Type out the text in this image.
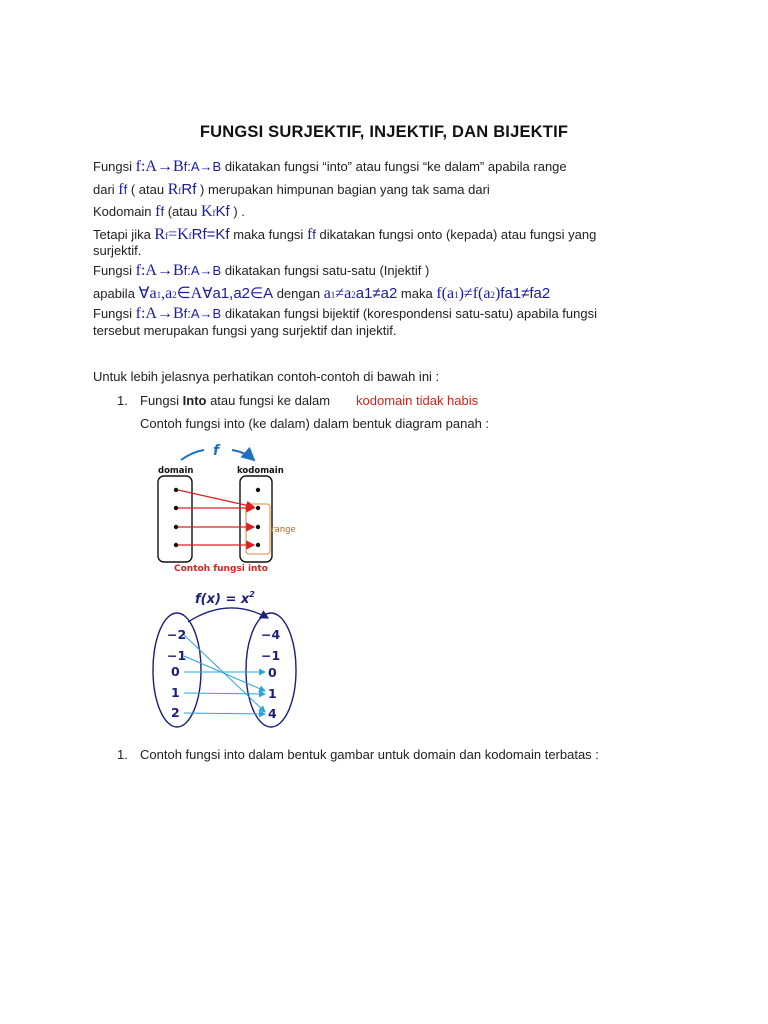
FUNGSI SURJEKTIF, INJEKTIF, DAN BIJEKTIF
Fungsi f:A→Bf:A→B dikatakan fungsi “into” atau fungsi “ke dalam” apabila range
dari ff ( atau RfRf ) merupakan himpunan bagian yang tak sama dari
Kodomain ff (atau KfKf ) .
Tetapi jika Rf=KfRf=Kf maka fungsi ff dikatakan fungsi onto (kepada) atau fungsi yang
surjektif.
Fungsi f:A→Bf:A→B dikatakan fungsi satu-satu (Injektif )
apabila ∀a1,a2∈A∀a1,a2∈A dengan a1≠a2a1≠a2 maka f(a1)≠f(a2)fa1≠fa2
Fungsi f:A→Bf:A→B dikatakan fungsi bijektif (korespondensi satu-satu) apabila fungsi
tersebut merupakan fungsi yang surjektif dan injektif.
Untuk lebih jelasnya perhatikan contoh-contoh di bawah ini :
1. Fungsi Into atau fungsi ke dalam kodomain tidak habis
Contoh fungsi into (ke dalam) dalam bentuk diagram panah :
f
domain	kodomain
range
Contoh fungsi into
$f(x) = x^2$
−2
−1
0
1
2
−4
−1
0
1
4
1. Contoh fungsi into dalam bentuk gambar untuk domain dan kodomain terbatas :
